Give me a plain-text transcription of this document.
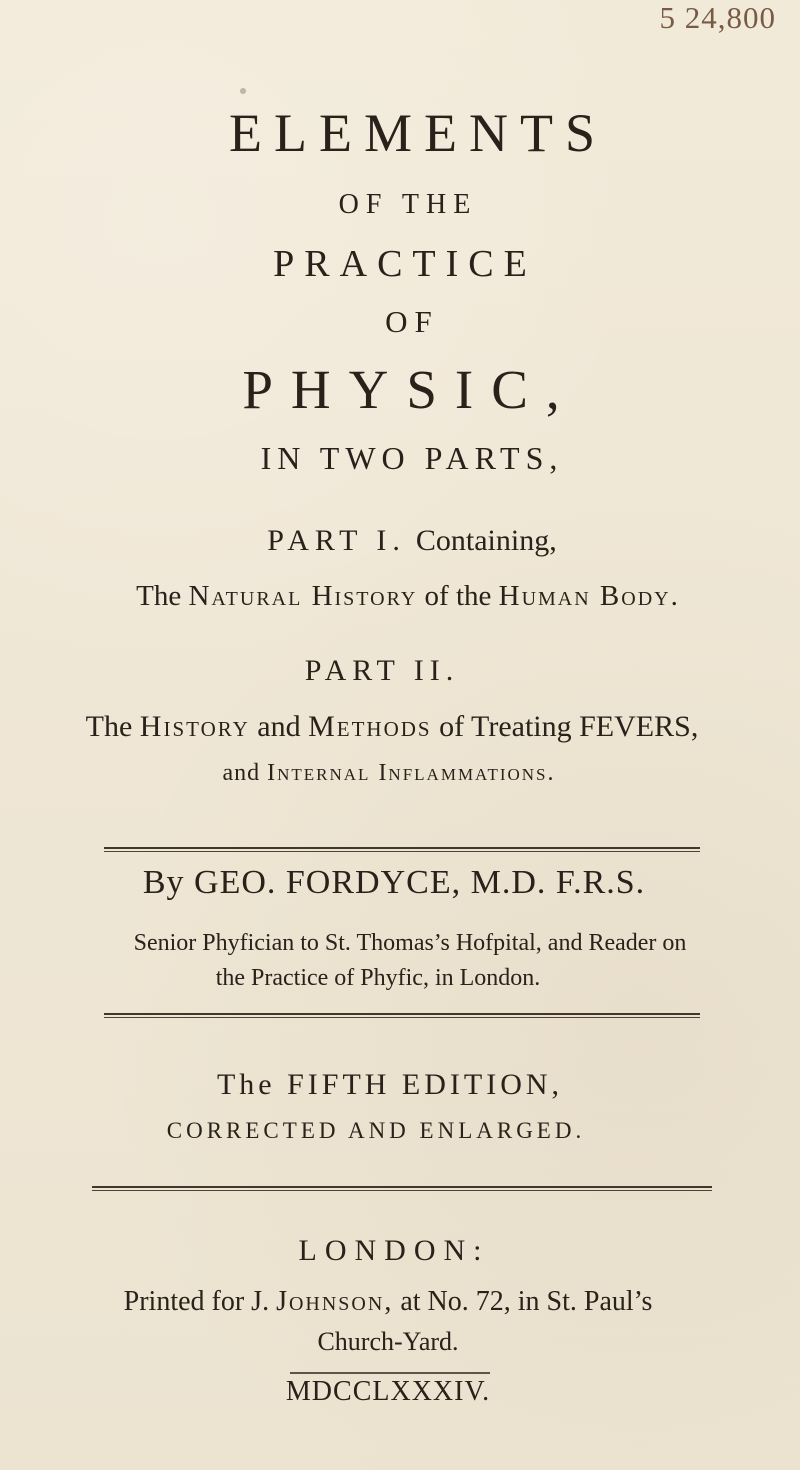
5 24,800
ELEMENTS
OF THE
PRACTICE
OF
PHYSIC,
IN TWO PARTS,
PART I. Containing,
The Natural History of the Human Body.
PART II.
The History and Methods of Treating FEVERS,
and Internal Inflammations.
By GEO. FORDYCE, M.D. F.R.S.
Senior Phyfician to St. Thomas’s Hofpital, and Reader on
the Practice of Phyfic, in London.
The FIFTH EDITION,
CORRECTED AND ENLARGED.
LONDON:
Printed for J. Johnson, at No. 72, in St. Paul’s
Church-Yard.
MDCCLXXXIV.
